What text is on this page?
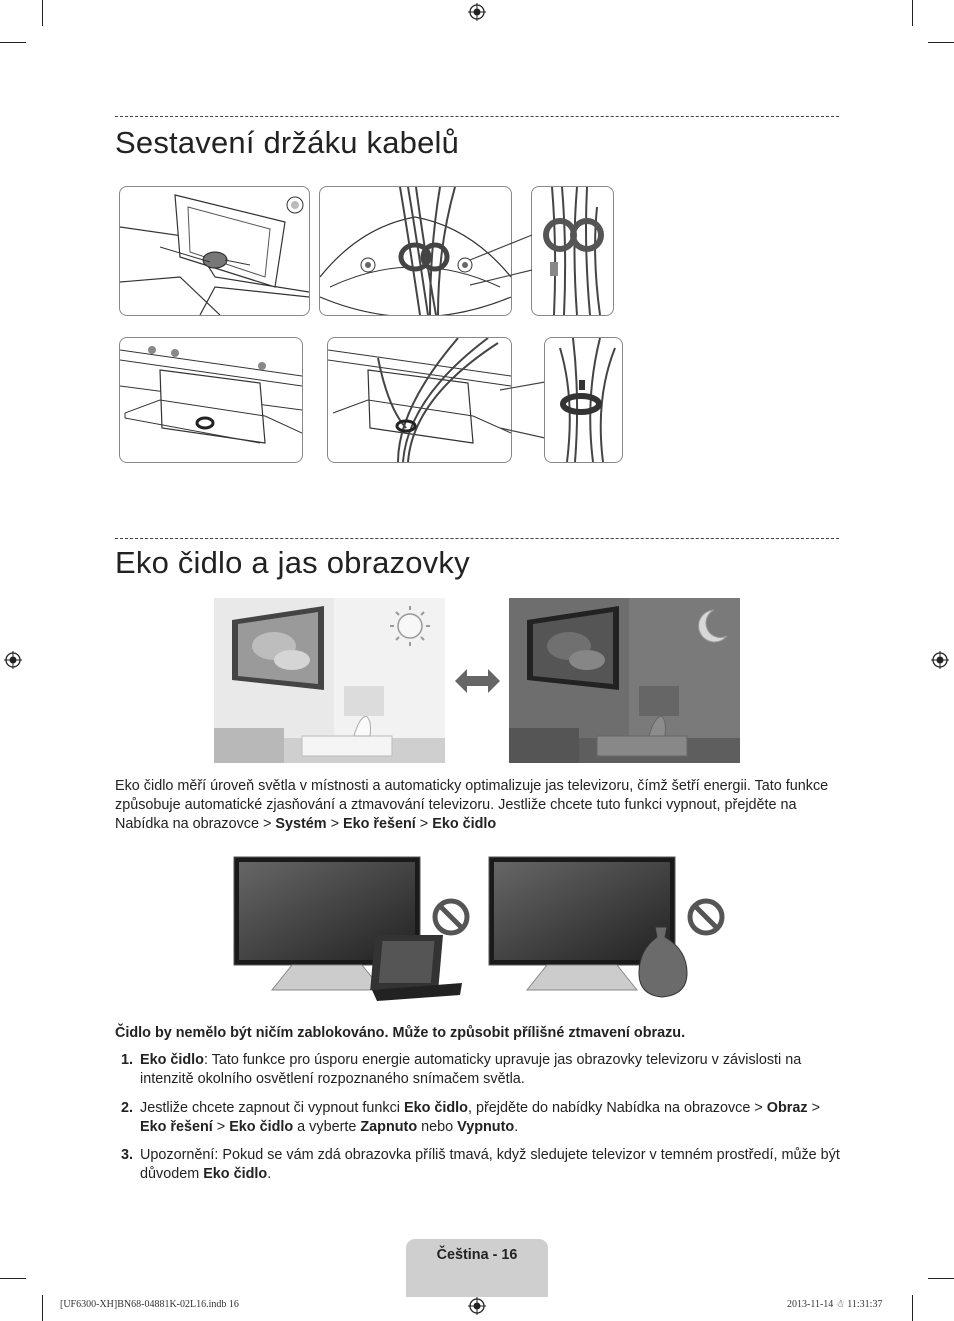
Sestavení držáku kabelů
Eko čidlo a jas obrazovky

Eko čidlo měří úroveň světla v místnosti a automaticky optimalizuje jas televizoru, čímž šetří energii. Tato funkce způsobuje automatické zjasňování a ztmavování televizoru. Jestliže chcete tuto funkci vypnout, přejděte na Nabídka na obrazovce > Systém > Eko řešení > Eko čidlo

Čidlo by nemělo být ničím zablokováno. Může to způsobit přílišné ztmavení obrazu.
1. Eko čidlo: Tato funkce pro úsporu energie automaticky upravuje jas obrazovky televizoru v závislosti na intenzitě okolního osvětlení rozpoznaného snímačem světla.
2. Jestliže chcete zapnout či vypnout funkci Eko čidlo, přejděte do nabídky Nabídka na obrazovce > Obraz > Eko řešení > Eko čidlo a vyberte Zapnuto nebo Vypnuto.
3. Upozornění: Pokud se vám zdá obrazovka příliš tmavá, když sledujete televizor v temném prostředí, může být důvodem Eko čidlo.
Čeština - 16
[UF6300-XH]BN68-04881K-02L16.indb 16	2013-11-14 ☃ 11:31:37
